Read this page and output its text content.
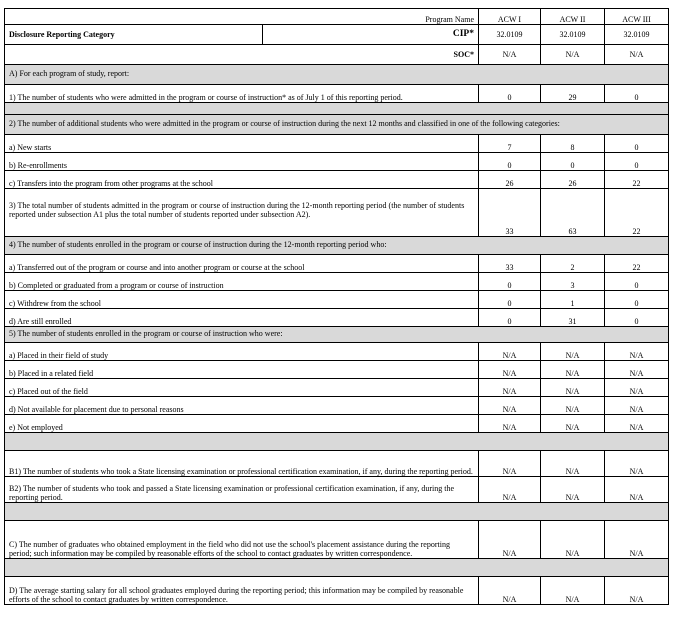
Program Name		ACW I	ACW II	ACW III
Disclosure Reporting Category	CIP*	32.0109	32.0109	32.0109
	SOC*	N/A	N/A	N/A
A) For each program of study, report:				
1) The number of students who were admitted in the program or course of instruction* as of July 1 of this reporting period.		0	29	0

2) The number of additional students who were admitted in the program or course of instruction during the next 12 months and classified in one of the following categories:				
a) New starts		7	8	0
b) Re-enrollments		0	0	0
c) Transfers into the program from other programs at the school		26	26	22
3) The total number of students admitted in the program or course of instruction during the 12-month reporting period (the number of students reported under subsection A1 plus the total number of students reported under subsection A2).		33	63	22
4) The number of students enrolled in the program or course of instruction during the 12-month reporting period who:				
a) Transferred out of the program or course and into another program or course at the school		33	2	22
b) Completed or graduated from a program or course of instruction		0	3	0
c) Withdrew from the school		0	1	0
d) Are still enrolled		0	31	0
5) The number of students enrolled in the program or course of instruction who were:				
a) Placed in their field of study		N/A	N/A	N/A
b) Placed in a related field		N/A	N/A	N/A
c) Placed out of the field		N/A	N/A	N/A
d) Not available for placement due to personal reasons		N/A	N/A	N/A
e) Not employed		N/A	N/A	N/A

B1) The number of students who took a State licensing examination or professional certification examination, if any, during the reporting period.		N/A	N/A	N/A
B2) The number of students who took and passed a State licensing examination or professional certification examination, if any, during the reporting period.		N/A	N/A	N/A

C) The number of graduates who obtained employment in the field who did not use the school's placement assistance during the reporting period; such information may be compiled by reasonable efforts of the school to contact graduates by written correspondence.		N/A	N/A	N/A

D) The average starting salary for all school graduates employed during the reporting period; this information may be compiled by reasonable efforts of the school to contact graduates by written correspondence.		N/A	N/A	N/A
